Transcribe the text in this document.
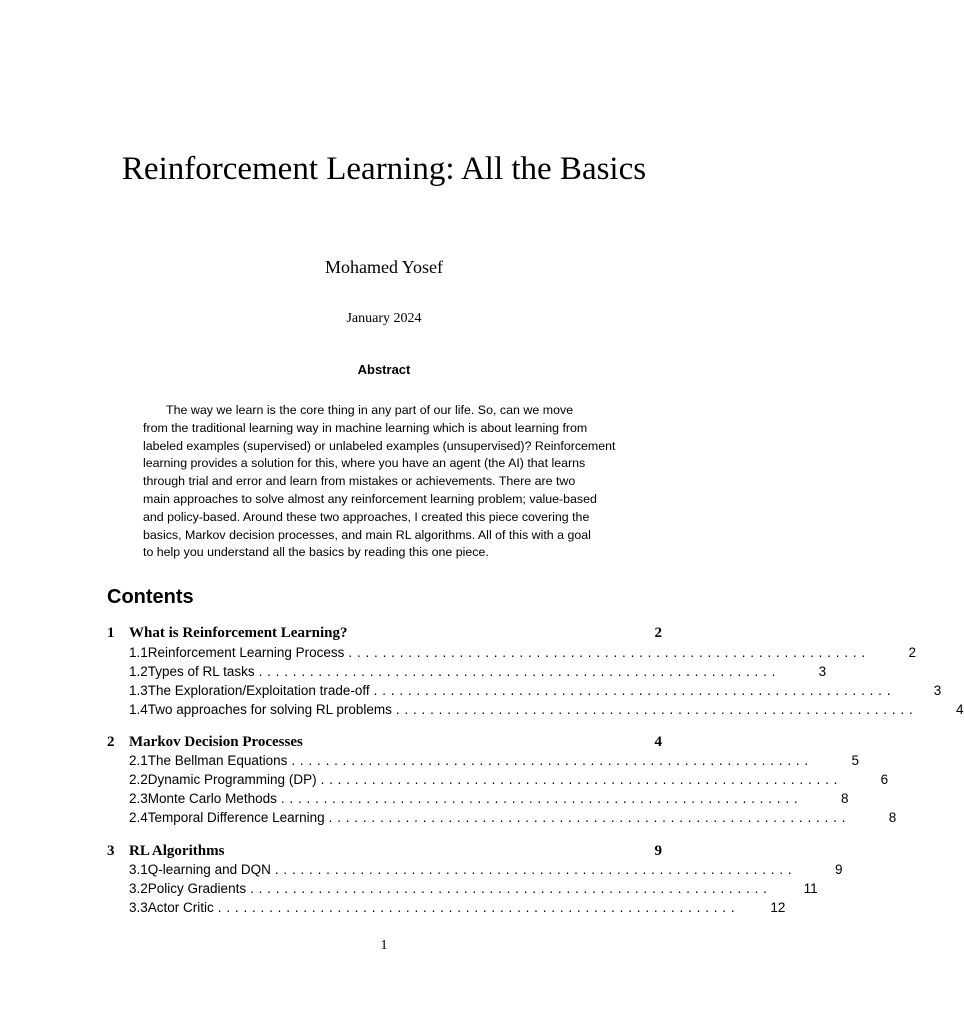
Reinforcement Learning: All the Basics
Mohamed Yosef
January 2024
Abstract
The way we learn is the core thing in any part of our life. So, can we move
from the traditional learning way in machine learning which is about learning from
labeled examples (supervised) or unlabeled examples (unsupervised)? Reinforcement
learning provides a solution for this, where you have an agent (the AI) that learns
through trial and error and learn from mistakes or achievements. There are two
main approaches to solve almost any reinforcement learning problem; value-based
and policy-based. Around these two approaches, I created this piece covering the
basics, Markov decision processes, and main RL algorithms. All of this with a goal
to help you understand all the basics by reading this one piece.
Contents
1 What is Reinforcement Learning?	2
1.1 Reinforcement Learning Process .............................................................	2
1.2 Types of RL tasks .............................................................	3
1.3 The Exploration/Exploitation trade-off .............................................................	3
1.4 Two approaches for solving RL problems .............................................................	4
2 Markov Decision Processes	4
2.1 The Bellman Equations .............................................................	5
2.2 Dynamic Programming (DP) .............................................................	6
2.3 Monte Carlo Methods .............................................................	8
2.4 Temporal Difference Learning .............................................................	8
3 RL Algorithms	9
3.1 Q-learning and DQN .............................................................	9
3.2 Policy Gradients .............................................................	11
3.3 Actor Critic .............................................................	12
1
